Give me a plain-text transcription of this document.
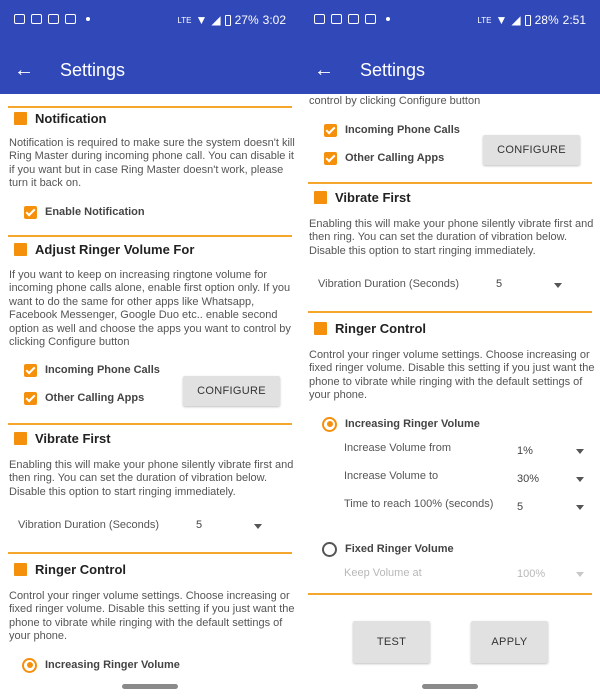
LTE ▼ ◢ 27% 3:02
← Settings
Notification
Notification is required to make sure the system doesn't kill Ring Master during incoming phone call. You can disable it if you want but in case Ring Master doesn't work, please turn it back on.
Enable Notification
Adjust Ringer Volume For
If you want to keep on increasing ringtone volume for incoming phone calls alone, enable first option only. If you want to do the same for other apps like Whatsapp, Facebook Messenger, Google Duo etc.. enable second option as well and choose the apps you want to control by clicking Configure button
Incoming Phone Calls
Other Calling Apps
CONFIGURE
Vibrate First
Enabling this will make your phone silently vibrate first and then ring. You can set the duration of vibration below. Disable this option to start ringing immediately.
Vibration Duration (Seconds)	5
Ringer Control
Control your ringer volume settings. Choose increasing or fixed ringer volume. Disable this setting if you just want the phone to vibrate while ringing with the default settings of your phone.
Increasing Ringer Volume
LTE ▼ ◢ 28% 2:51
← Settings
control by clicking Configure button
Incoming Phone Calls
Other Calling Apps
CONFIGURE
Vibrate First
Enabling this will make your phone silently vibrate first and then ring. You can set the duration of vibration below. Disable this option to start ringing immediately.
Vibration Duration (Seconds)	5
Ringer Control
Control your ringer volume settings. Choose increasing or fixed ringer volume. Disable this setting if you just want the phone to vibrate while ringing with the default settings of your phone.
Increasing Ringer Volume
Increase Volume from	1%
Increase Volume to	30%
Time to reach 100% (seconds) 5
Fixed Ringer Volume
Keep Volume at	100%
TEST	APPLY
